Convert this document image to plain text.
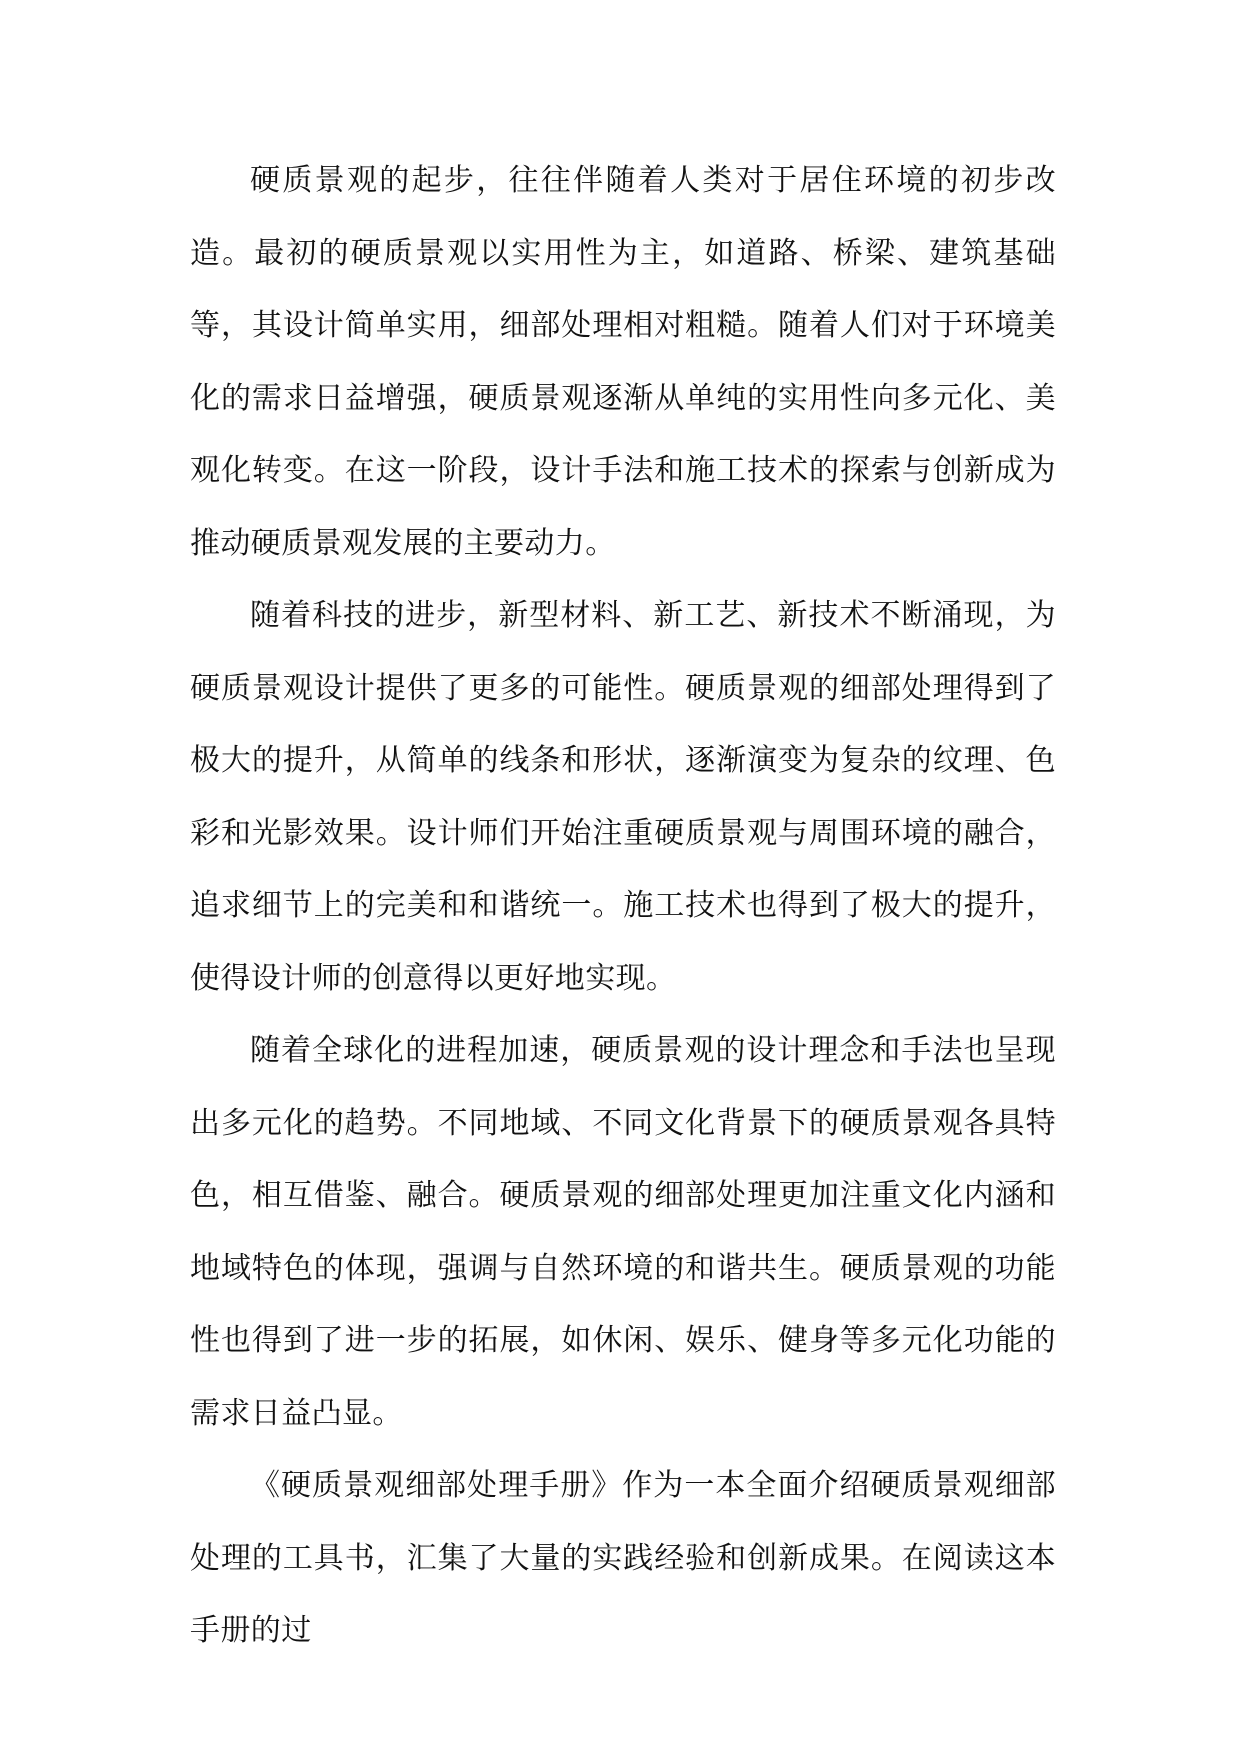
硬质景观的起步，往往伴随着人类对于居住环境的初步改造。最初的硬质景观以实用性为主，如道路、桥梁、建筑基础等，其设计简单实用，细部处理相对粗糙。随着人们对于环境美化的需求日益增强，硬质景观逐渐从单纯的实用性向多元化、美观化转变。在这一阶段，设计手法和施工技术的探索与创新成为推动硬质景观发展的主要动力。

随着科技的进步，新型材料、新工艺、新技术不断涌现，为硬质景观设计提供了更多的可能性。硬质景观的细部处理得到了极大的提升，从简单的线条和形状，逐渐演变为复杂的纹理、色彩和光影效果。设计师们开始注重硬质景观与周围环境的融合，追求细节上的完美和和谐统一。施工技术也得到了极大的提升，使得设计师的创意得以更好地实现。

随着全球化的进程加速，硬质景观的设计理念和手法也呈现出多元化的趋势。不同地域、不同文化背景下的硬质景观各具特色，相互借鉴、融合。硬质景观的细部处理更加注重文化内涵和地域特色的体现，强调与自然环境的和谐共生。硬质景观的功能性也得到了进一步的拓展，如休闲、娱乐、健身等多元化功能的需求日益凸显。

《硬质景观细部处理手册》作为一本全面介绍硬质景观细部处理的工具书，汇集了大量的实践经验和创新成果。在阅读这本手册的过
